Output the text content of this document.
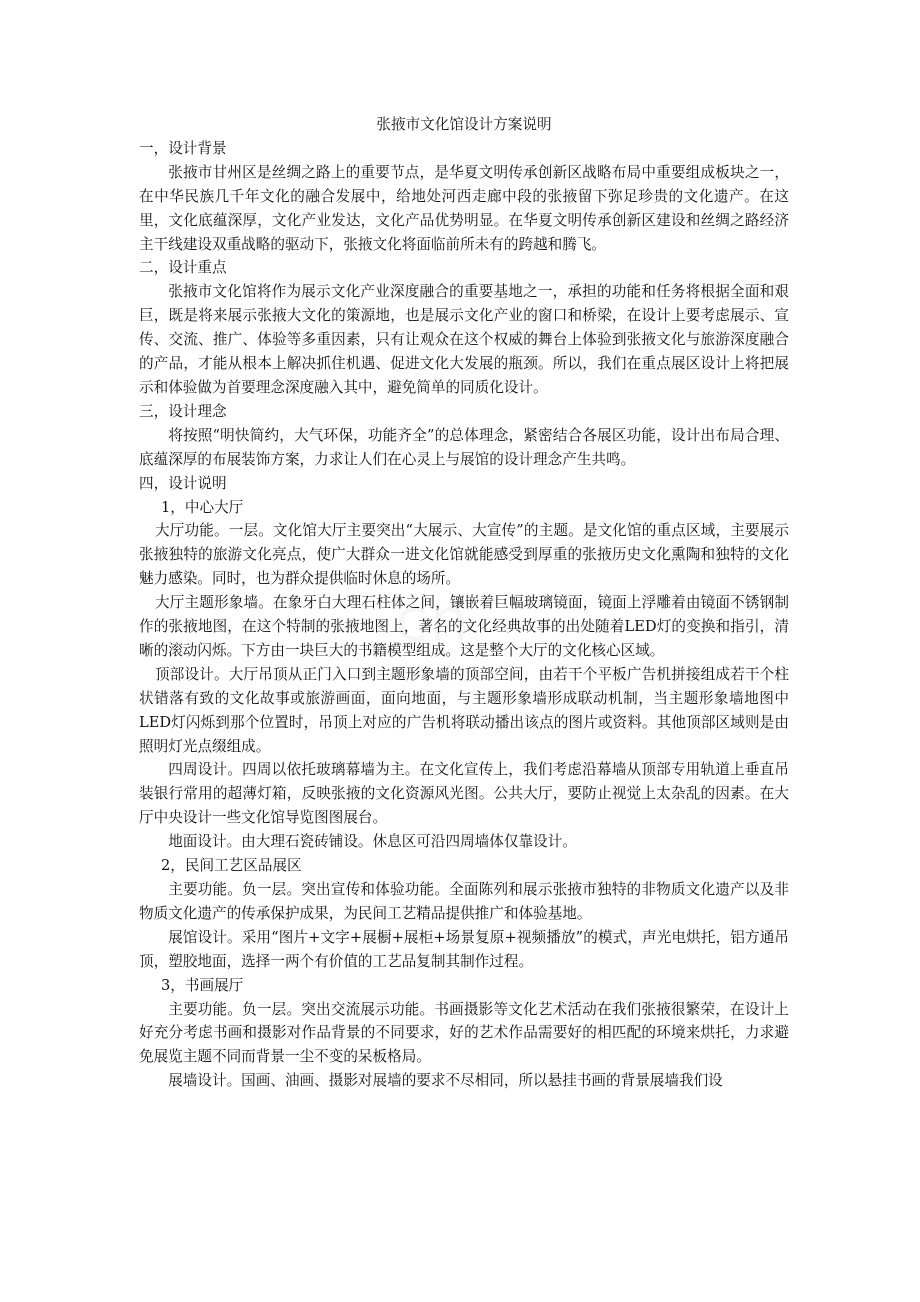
张掖市文化馆设计方案说明
一，设计背景
张掖市甘州区是丝绸之路上的重要节点，是华夏文明传承创新区战略布局中重要组成板块之一，在中华民族几千年文化的融合发展中，给地处河西走廊中段的张掖留下弥足珍贵的文化遗产。在这里，文化底蕴深厚，文化产业发达，文化产品优势明显。在华夏文明传承创新区建设和丝绸之路经济主干线建设双重战略的驱动下，张掖文化将面临前所未有的跨越和腾飞。
二，设计重点
张掖市文化馆将作为展示文化产业深度融合的重要基地之一，承担的功能和任务将根据全面和艰巨，既是将来展示张掖大文化的策源地，也是展示文化产业的窗口和桥梁，在设计上要考虑展示、宣传、交流、推广、体验等多重因素，只有让观众在这个权威的舞台上体验到张掖文化与旅游深度融合的产品，才能从根本上解决抓住机遇、促进文化大发展的瓶颈。所以，我们在重点展区设计上将把展示和体验做为首要理念深度融入其中，避免简单的同质化设计。
三，设计理念
将按照“明快简约，大气环保，功能齐全”的总体理念，紧密结合各展区功能，设计出布局合理、底蕴深厚的布展装饰方案，力求让人们在心灵上与展馆的设计理念产生共鸣。
四，设计说明
1，中心大厅
大厅功能。一层。文化馆大厅主要突出“大展示、大宣传”的主题。是文化馆的重点区域，主要展示张掖独特的旅游文化亮点，使广大群众一进文化馆就能感受到厚重的张掖历史文化熏陶和独特的文化魅力感染。同时，也为群众提供临时休息的场所。
大厅主题形象墙。在象牙白大理石柱体之间，镶嵌着巨幅玻璃镜面，镜面上浮雕着由镜面不锈钢制作的张掖地图，在这个特制的张掖地图上，著名的文化经典故事的出处随着LED灯的变换和指引，清晰的滚动闪烁。下方由一块巨大的书籍模型组成。这是整个大厅的文化核心区域。
顶部设计。大厅吊顶从正门入口到主题形象墙的顶部空间，由若干个平板广告机拼接组成若干个柱状错落有致的文化故事或旅游画面，面向地面，与主题形象墙形成联动机制，当主题形象墙地图中LED灯闪烁到那个位置时，吊顶上对应的广告机将联动播出该点的图片或资料。其他顶部区域则是由照明灯光点缀组成。
四周设计。四周以依托玻璃幕墙为主。在文化宣传上，我们考虑沿幕墙从顶部专用轨道上垂直吊装银行常用的超薄灯箱，反映张掖的文化资源风光图。公共大厅，要防止视觉上太杂乱的因素。在大厅中央设计一些文化馆导览图图展台。
地面设计。由大理石瓷砖铺设。休息区可沿四周墙体仅靠设计。
2，民间工艺区品展区
主要功能。负一层。突出宣传和体验功能。全面陈列和展示张掖市独特的非物质文化遗产以及非物质文化遗产的传承保护成果，为民间工艺精品提供推广和体验基地。
展馆设计。采用“图片+文字+展橱+展柜+场景复原+视频播放”的模式，声光电烘托，铝方通吊顶，塑胶地面，选择一两个有价值的工艺品复制其制作过程。
3，书画展厅
主要功能。负一层。突出交流展示功能。书画摄影等文化艺术活动在我们张掖很繁荣，在设计上好充分考虑书画和摄影对作品背景的不同要求，好的艺术作品需要好的相匹配的环境来烘托，力求避免展览主题不同而背景一尘不变的呆板格局。
展墙设计。国画、油画、摄影对展墙的要求不尽相同，所以悬挂书画的背景展墙我们设
